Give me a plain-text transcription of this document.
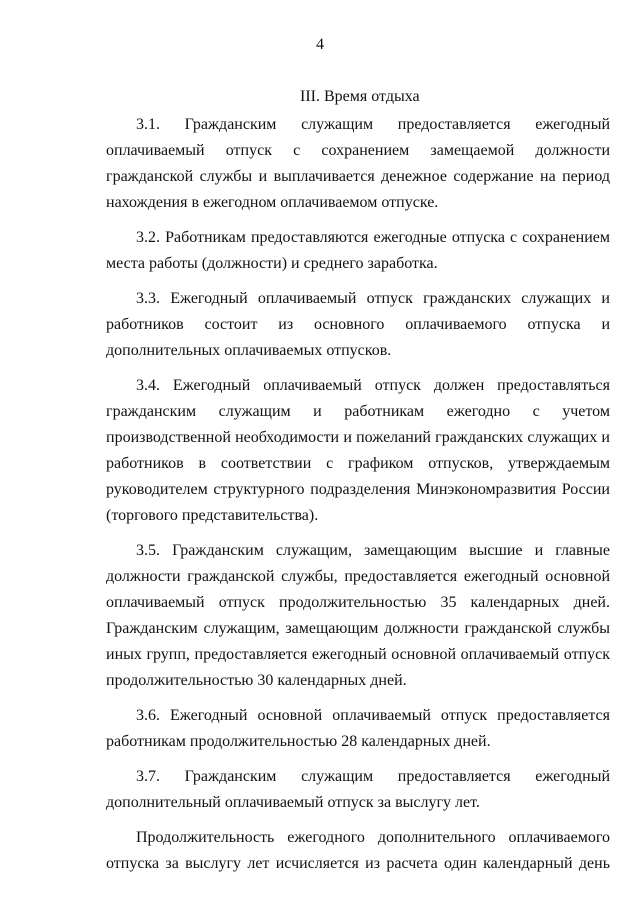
4
III. Время отдыха

3.1. Гражданским служащим предоставляется ежегодный оплачиваемый отпуск с сохранением замещаемой должности гражданской службы и выплачивается денежное содержание на период нахождения в ежегодном оплачиваемом отпуске.

3.2. Работникам предоставляются ежегодные отпуска с сохранением места работы (должности) и среднего заработка.

3.3. Ежегодный оплачиваемый отпуск гражданских служащих и работников состоит из основного оплачиваемого отпуска и дополнительных оплачиваемых отпусков.

3.4. Ежегодный оплачиваемый отпуск должен предоставляться гражданским служащим и работникам ежегодно с учетом производственной необходимости и пожеланий гражданских служащих и работников в соответствии с графиком отпусков, утверждаемым руководителем структурного подразделения Минэкономразвития России (торгового представительства).

3.5. Гражданским служащим, замещающим высшие и главные должности гражданской службы, предоставляется ежегодный основной оплачиваемый отпуск продолжительностью 35 календарных дней. Гражданским служащим, замещающим должности гражданской службы иных групп, предоставляется ежегодный основной оплачиваемый отпуск продолжительностью 30 календарных дней.

3.6. Ежегодный основной оплачиваемый отпуск предоставляется работникам продолжительностью 28 календарных дней.

3.7. Гражданским служащим предоставляется ежегодный дополнительный оплачиваемый отпуск за выслугу лет.

Продолжительность ежегодного дополнительного оплачиваемого отпуска за выслугу лет исчисляется из расчета один календарный день
